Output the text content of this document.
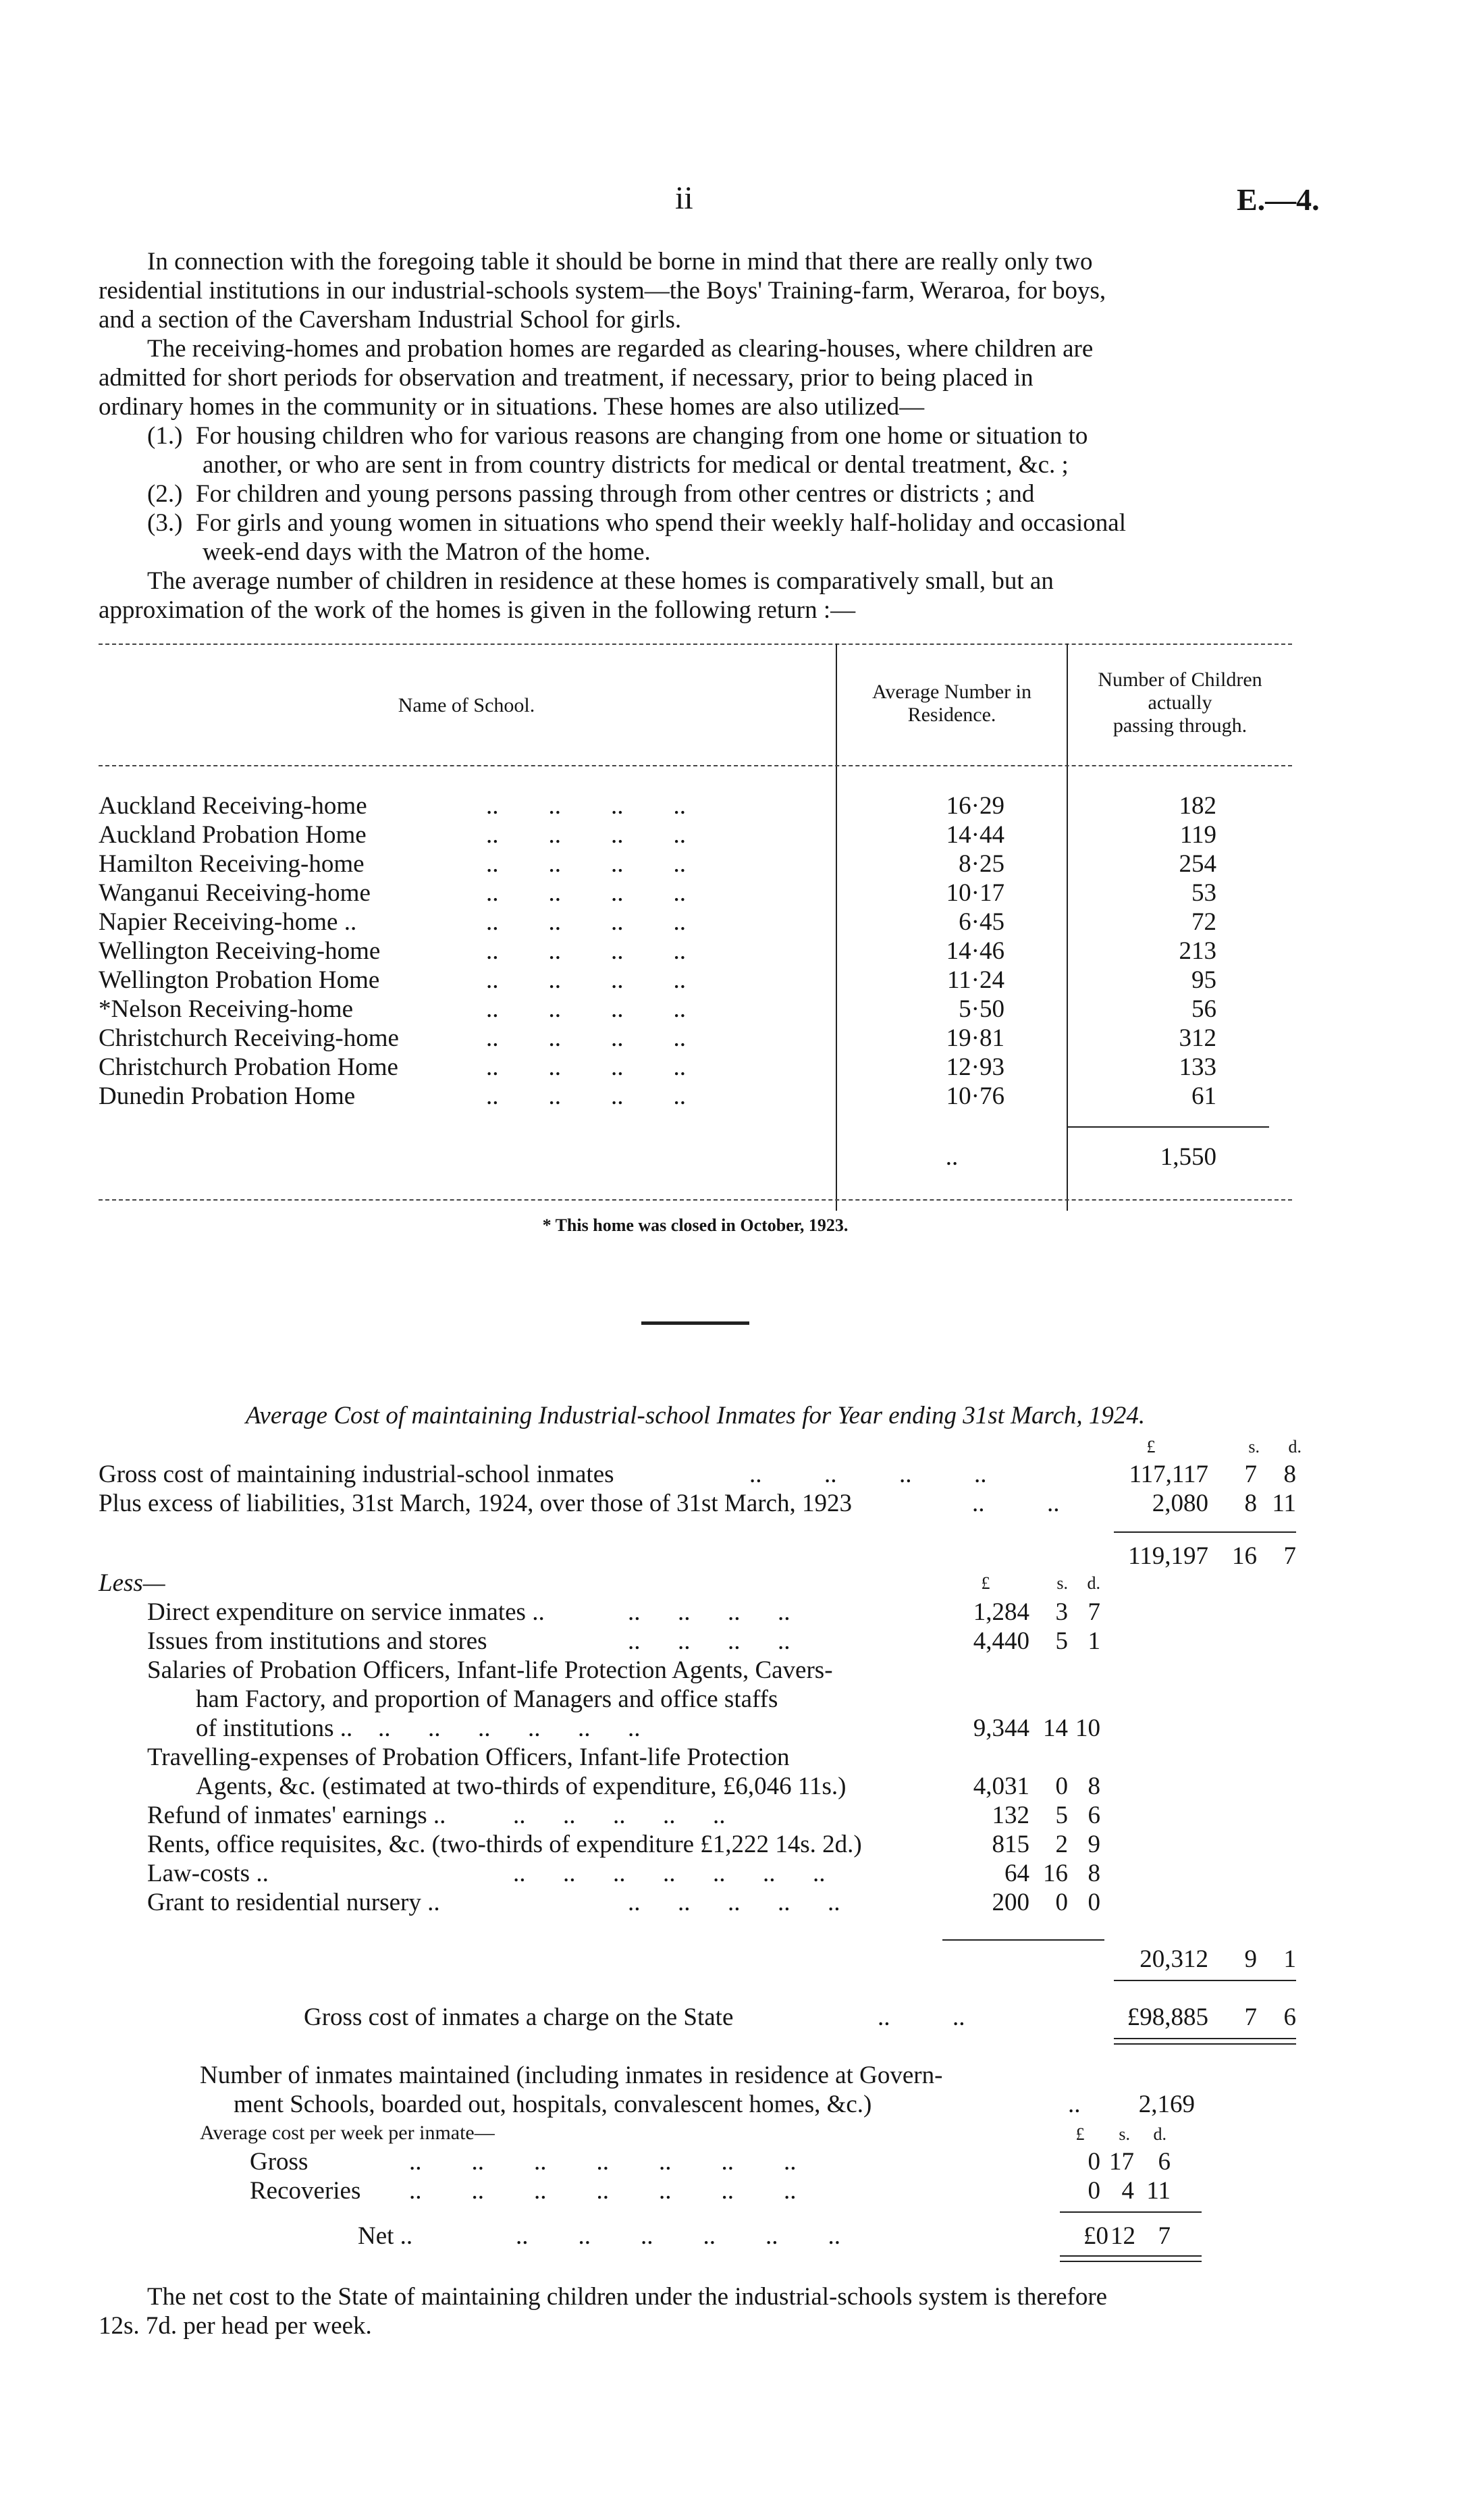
ii	E.—4.
In connection with the foregoing table it should be borne in mind that there are really only two
residential institutions in our industrial-schools system—the Boys' Training-farm, Weraroa, for boys,
and a section of the Caversham Industrial School for girls.
The receiving-homes and probation homes are regarded as clearing-houses, where children are
admitted for short periods for observation and treatment, if necessary, prior to being placed in
ordinary homes in the community or in situations. These homes are also utilized—
(1.) For housing children who for various reasons are changing from one home or situation to
another, or who are sent in from country districts for medical or dental treatment, &c. ;
(2.) For children and young persons passing through from other centres or districts ; and
(3.) For girls and young women in situations who spend their weekly half-holiday and occasional
week-end days with the Matron of the home.
The average number of children in residence at these homes is comparatively small, but an
approximation of the work of the homes is given in the following return :—
Name of School.
Average Number in
Residence.
Number of Children
actually
passing through.
Auckland Receiving-home	..        ..        ..        ..	16·29	182
Auckland Probation Home	..        ..        ..        ..	14·44	119
Hamilton Receiving-home	..        ..        ..        ..	8·25	254
Wanganui Receiving-home	..        ..        ..        ..	10·17	53
Napier Receiving-home ..	..        ..        ..        ..	6·45	72
Wellington Receiving-home	..        ..        ..        ..	14·46	213
Wellington Probation Home	..        ..        ..        ..	11·24	95
*Nelson Receiving-home	..        ..        ..        ..	5·50	56
Christchurch Receiving-home	..        ..        ..        ..	19·81	312
Christchurch Probation Home	..        ..        ..        ..	12·93	133
Dunedin Probation Home	..        ..        ..        ..	10·76	61
..	1,550
* This home was closed in October, 1923.
Average Cost of maintaining Industrial-school Inmates for Year ending 31st March, 1924.
£	s.	d.
Gross cost of maintaining industrial-school inmates	..          ..          ..          ..	117,117	7	8
Plus excess of liabilities, 31st March, 1924, over those of 31st March, 1923	..          ..	2,080	8 11
119,197 16	7
Less—	£	s.	d.
Direct expenditure on service inmates ..	..      ..      ..      ..	1,284	3 7
Issues from institutions and stores	..      ..      ..      ..	4,440	5 1
Salaries of Probation Officers, Infant-life Protection Agents, Cavers-
ham Factory, and proportion of Managers and office staffs
of institutions .. ..      ..      ..      ..      ..      ..	9,344 14 10
Travelling-expenses of Probation Officers, Infant-life Protection
Agents, &c. (estimated at two-thirds of expenditure, £6,046 11s.)	4,031	0 8
Refund of inmates' earnings ..	..      ..      ..      ..      ..	132	5 6
Rents, office requisites, &c. (two-thirds of expenditure £1,222 14s. 2d.)	815	2 9
Law-costs ..	..      ..      ..      ..      ..      ..      ..	64 16 8
Grant to residential nursery ..	..      ..      ..      ..      ..	200	0 0
20,312	9	1
Gross cost of inmates a charge on the State	..          ..	£98,885	7	6
Number of inmates maintained (including inmates in residence at Govern-
ment Schools, boarded out, hospitals, convalescent homes, &c.)	..	2,169
Average cost per week per inmate—	£	s.	d.
Gross	..        ..        ..        ..        ..        ..        ..	0 17 6
Recoveries ..        ..        ..        ..        ..        ..        ..	0 4 11
Net ..	..        ..        ..        ..        ..        ..	£0 12 7
The net cost to the State of maintaining children under the industrial-schools system is therefore
12s. 7d. per head per week.
